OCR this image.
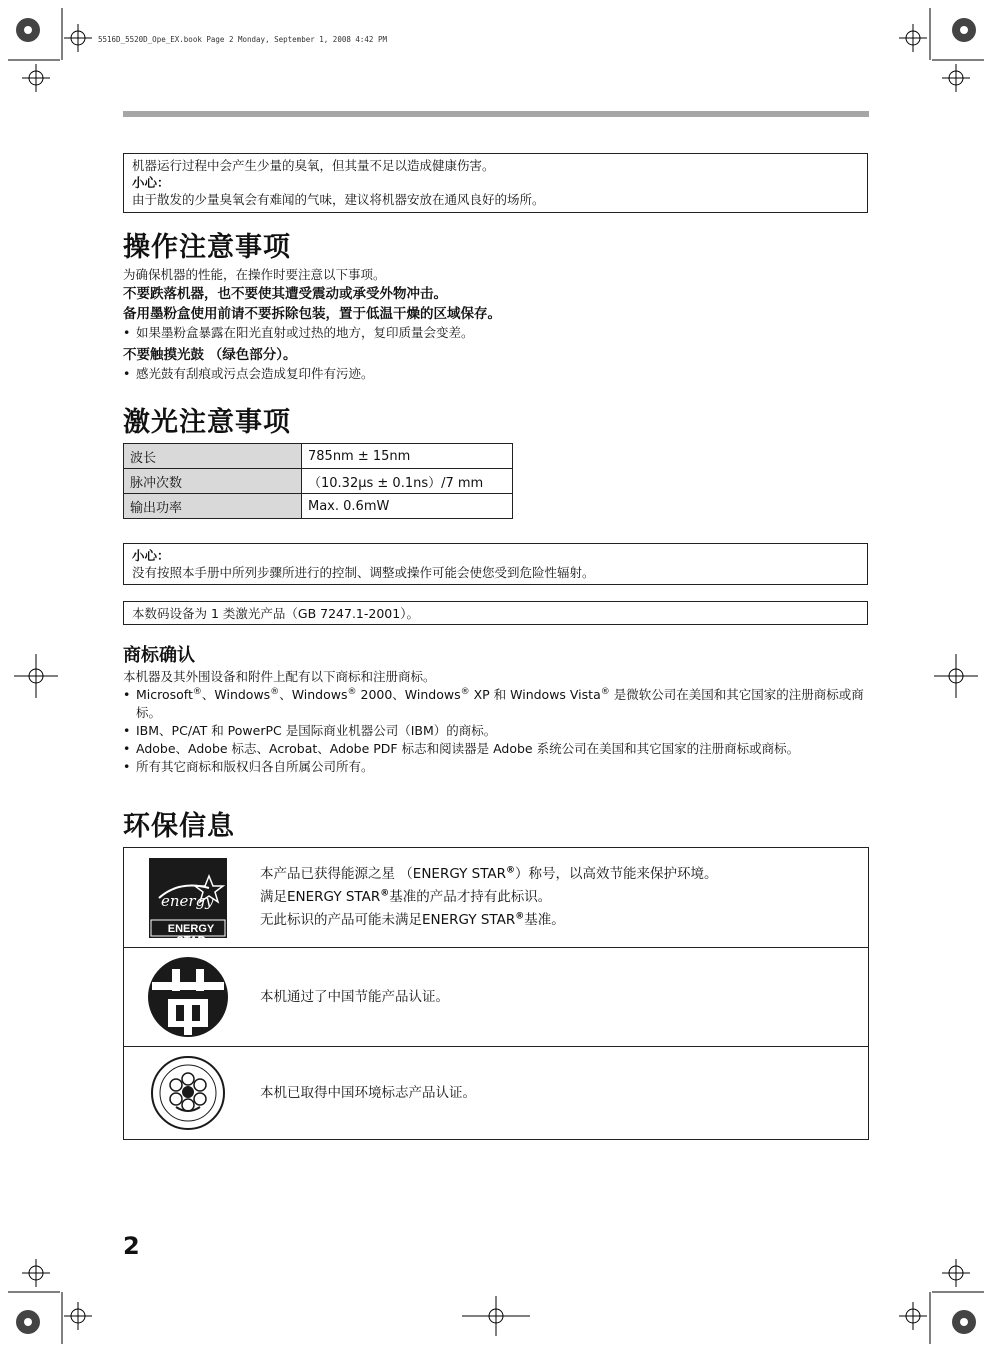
5516D_5520D_Ope_EX.book Page 2 Monday, September 1, 2008 4:42 PM
机器运行过程中会产生少量的臭氧，但其量不足以造成健康伤害。
小心：
由于散发的少量臭氧会有难闻的气味，建议将机器安放在通风良好的场所。
操作注意事项
为确保机器的性能，在操作时要注意以下事项。
不要跌落机器，也不要使其遭受震动或承受外物冲击。
备用墨粉盒使用前请不要拆除包装，置于低温干燥的区域保存。
• 如果墨粉盒暴露在阳光直射或过热的地方，复印质量会变差。
不要触摸光鼓 （绿色部分）。
• 感光鼓有刮痕或污点会造成复印件有污迹。
激光注意事项
波长	785nm ± 15nm
脉冲次数	（10.32μs ± 0.1ns）/7 mm
输出功率	Max. 0.6mW
小心：
没有按照本手册中所列步骤所进行的控制、调整或操作可能会使您受到危险性辐射。
本数码设备为 1 类激光产品（GB 7247.1-2001）。
商标确认
本机器及其外围设备和附件上配有以下商标和注册商标。
• Microsoft®、Windows®、Windows® 2000、Windows® XP 和 Windows Vista® 是微软公司在美国和其它国家的注册商标或商标。
• IBM、PC/AT 和 PowerPC 是国际商业机器公司（IBM）的商标。
• Adobe、Adobe 标志、Acrobat、Adobe PDF 标志和阅读器是 Adobe 系统公司在美国和其它国家的注册商标或商标。
• 所有其它商标和版权归各自所属公司所有。
环保信息
energy
ENERGY STAR
本产品已获得能源之星 （ENERGY STAR®）称号，以高效节能来保护环境。
满足ENERGY STAR®基准的产品才持有此标识。
无此标识的产品可能未满足ENERGY STAR®基准。
本机通过了中国节能产品认证。
本机已取得中国环境标志产品认证。
2
